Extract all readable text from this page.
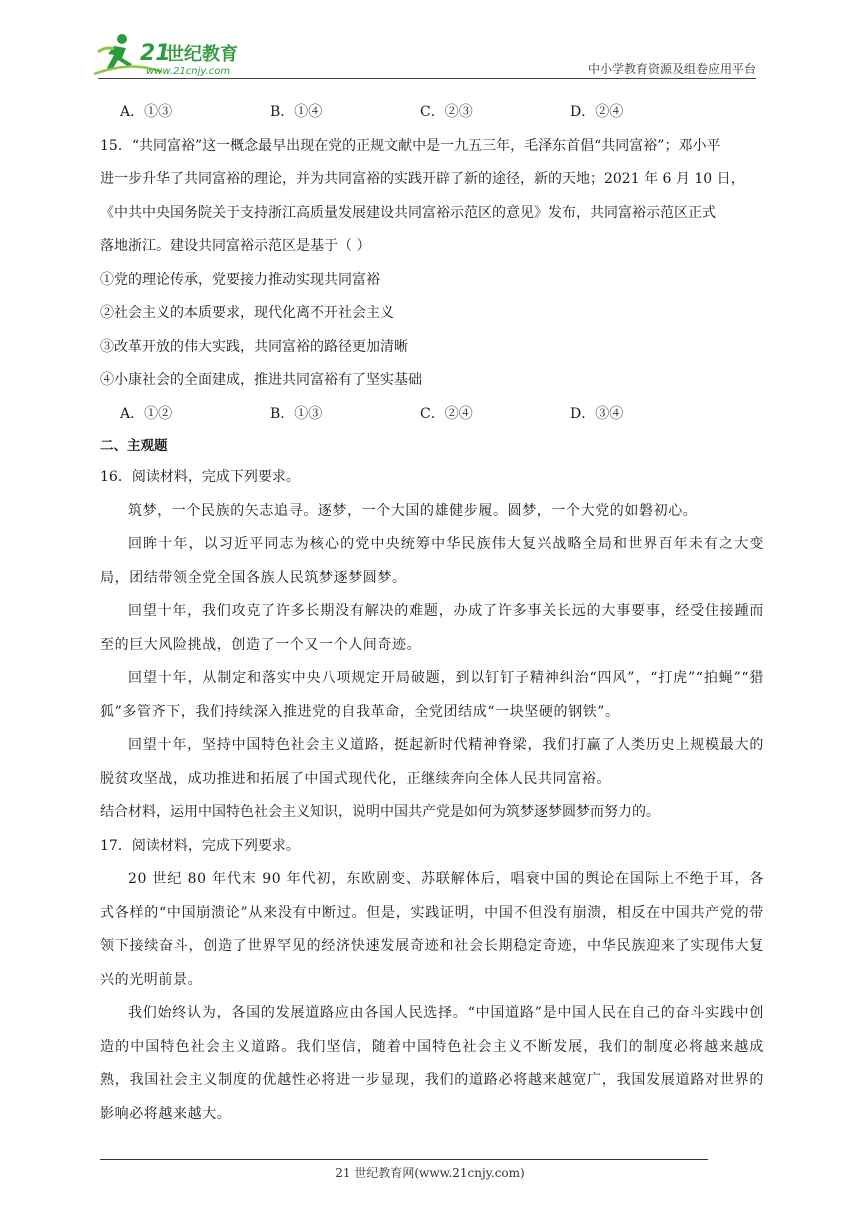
21
世纪教育
www.21cnjy.com	中小学教育资源及组卷应用平台
A．①③	B．①④	C．②③	D．②④
15．“共同富裕”这一概念最早出现在党的正规文献中是一九五三年，毛泽东首倡“共同富裕”；邓小平
进一步升华了共同富裕的理论，并为共同富裕的实践开辟了新的途径，新的天地；2021 年 6 月 10 日，
《中共中央国务院关于支持浙江高质量发展建设共同富裕示范区的意见》发布，共同富裕示范区正式
落地浙江。建设共同富裕示范区是基于（ ）
①党的理论传承，党要接力推动实现共同富裕
②社会主义的本质要求，现代化离不开社会主义
③改革开放的伟大实践，共同富裕的路径更加清晰
④小康社会的全面建成，推进共同富裕有了坚实基础
A．①②	B．①③	C．②④	D．③④
二、主观题
16．阅读材料，完成下列要求。
筑梦，一个民族的矢志追寻。逐梦，一个大国的雄健步履。圆梦，一个大党的如磐初心。
回眸十年，以习近平同志为核心的党中央统筹中华民族伟大复兴战略全局和世界百年未有之大变局，团结带领全党全国各族人民筑梦逐梦圆梦。
回望十年，我们攻克了许多长期没有解决的难题，办成了许多事关长远的大事要事，经受住接踵而至的巨大风险挑战，创造了一个又一个人间奇迹。
回望十年，从制定和落实中央八项规定开局破题，到以钉钉子精神纠治“四风”，“打虎”“拍蝇”“猎狐”多管齐下，我们持续深入推进党的自我革命，全党团结成“一块坚硬的钢铁”。
回望十年，坚持中国特色社会主义道路，挺起新时代精神脊梁，我们打赢了人类历史上规模最大的脱贫攻坚战，成功推进和拓展了中国式现代化，正继续奔向全体人民共同富裕。
结合材料，运用中国特色社会主义知识，说明中国共产党是如何为筑梦逐梦圆梦而努力的。
17．阅读材料，完成下列要求。
20 世纪 80 年代末 90 年代初，东欧剧变、苏联解体后，唱衰中国的舆论在国际上不绝于耳，各式各样的“中国崩溃论”从来没有中断过。但是，实践证明，中国不但没有崩溃，相反在中国共产党的带领下接续奋斗，创造了世界罕见的经济快速发展奇迹和社会长期稳定奇迹，中华民族迎来了实现伟大复兴的光明前景。
我们始终认为，各国的发展道路应由各国人民选择。“中国道路”是中国人民在自己的奋斗实践中创造的中国特色社会主义道路。我们坚信，随着中国特色社会主义不断发展，我们的制度必将越来越成熟，我国社会主义制度的优越性必将进一步显现，我们的道路必将越来越宽广，我国发展道路对世界的影响必将越来越大。
21 世纪教育网(www.21cnjy.com)
